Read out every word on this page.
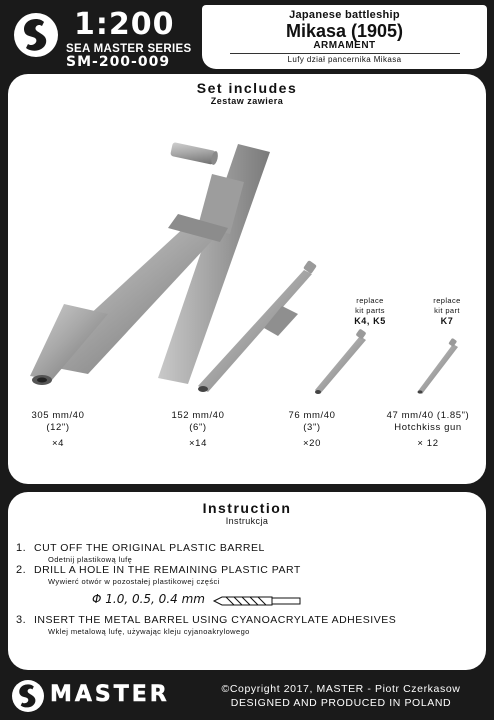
1:200
SEA MASTER SERIES
SM-200-009
Japanese battleship
Mikasa (1905)
ARMAMENT
Lufy dział pancernika Mikasa
Set includes
Zestaw zawiera
replace
kit parts
K4, K5
replace
kit part
K7
305 mm/40
(12")
×4
152 mm/40
(6")
×14
76 mm/40
(3")
×20
47 mm/40 (1.85")
Hotchkiss gun
× 12
Instruction
Instrukcja
1. CUT OFF THE ORIGINAL PLASTIC BARREL
Odetnij plastikową lufę
2. DRILL A HOLE IN THE REMAINING PLASTIC PART
Wywierć otwór w pozostałej plastikowej części
3. INSERT THE METAL BARREL USING CYANOACRYLATE ADHESIVES
Wklej metalową lufę, używając kleju cyjanoakrylowego
Φ 1.0, 0.5, 0.4 mm
MASTER	©Copyright 2017, MASTER - Piotr Czerkasow
DESIGNED AND PRODUCED IN POLAND
